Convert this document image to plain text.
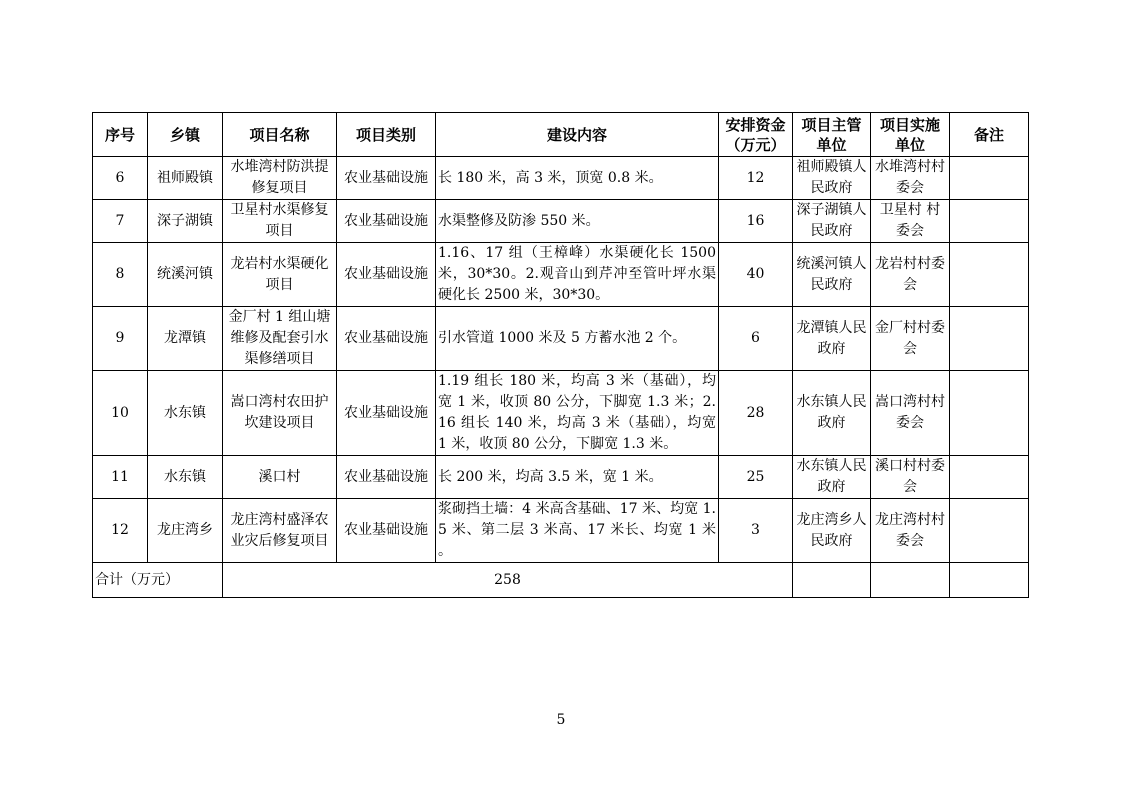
序号	乡镇	项目名称	项目类别	建设内容	安排资金（万元）	项目主管单位	项目实施单位	备注
6	祖师殿镇	水堆湾村防洪提修复项目	农业基础设施	长 180 米，高 3 米，顶宽 0.8 米。	12	祖师殿镇人民政府	水堆湾村村委会	
7	深子湖镇	卫星村水渠修复项目	农业基础设施	水渠整修及防渗 550 米。	16	深子湖镇人民政府	卫星村 村委会	
8	统溪河镇	龙岩村水渠硬化项目	农业基础设施	1.16、17 组（王樟峰）水渠硬化长 1500 米，30*30。2.观音山到芹冲至管叶坪水渠硬化长 2500 米，30*30。	40	统溪河镇人民政府	龙岩村村委会	
9	龙潭镇	金厂村 1 组山塘维修及配套引水渠修缮项目	农业基础设施	引水管道 1000 米及 5 方蓄水池 2 个。	6	龙潭镇人民政府	金厂村村委会	
10	水东镇	嵩口湾村农田护坎建设项目	农业基础设施	1.19 组长 180 米，均高 3 米（基础），均宽 1 米，收顶 80 公分，下脚宽 1.3 米；2.16 组长 140 米，均高 3 米（基础），均宽 1 米，收顶 80 公分，下脚宽 1.3 米。	28	水东镇人民政府	嵩口湾村村委会	
11	水东镇	溪口村	农业基础设施	长 200 米，均高 3.5 米，宽 1 米。	25	水东镇人民政府	溪口村村委会	
12	龙庄湾乡	龙庄湾村盛泽农业灾后修复项目	农业基础设施	浆砌挡土墙：4 米高含基础、17 米、均宽 1.5 米、第二层 3 米高、17 米长、均宽 1 米 。	3	龙庄湾乡人民政府	龙庄湾村村委会	
合计（万元）		258						
5
